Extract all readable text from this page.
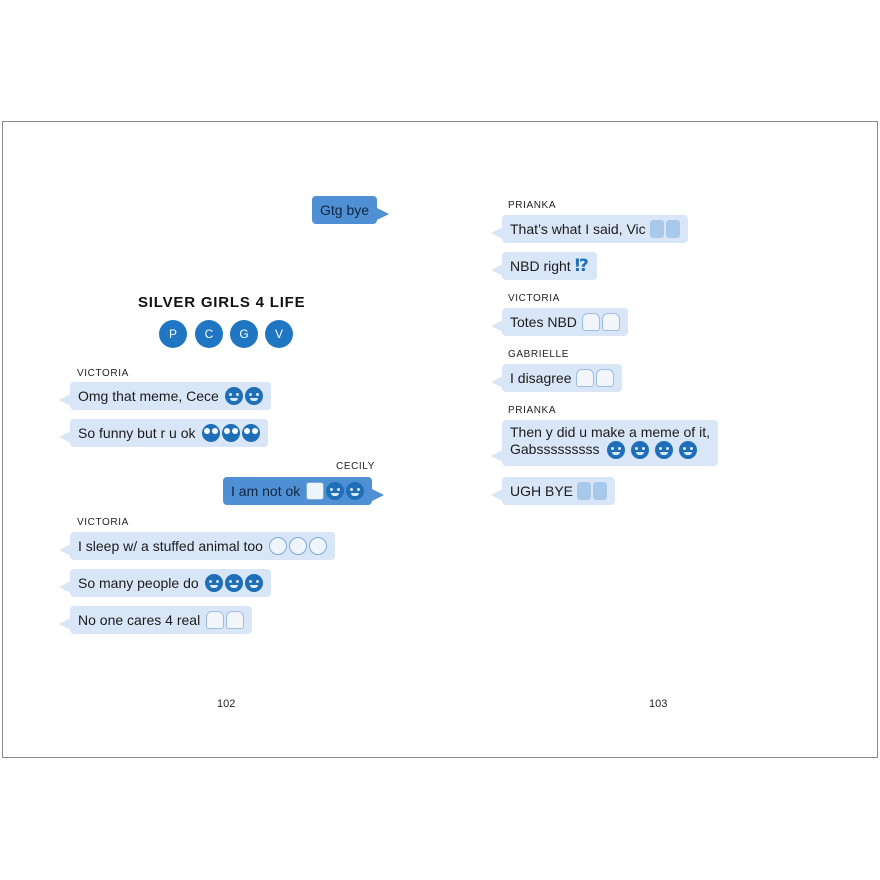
Gtg bye
SILVER GIRLS 4 LIFE
P	C	G	V
VICTORIA
Omg that meme, Cece
So funny but r u ok
CECILY
I am not ok
VICTORIA
I sleep w/ a stuffed animal too
So many people do
No one cares 4 real
102
PRIANKA
That’s what I said, Vic
NBD right ⁉
VICTORIA
Totes NBD
GABRIELLE
I disagree
PRIANKA
Then y did u make a meme of it,
Gabsssssssss
UGH BYE
103
